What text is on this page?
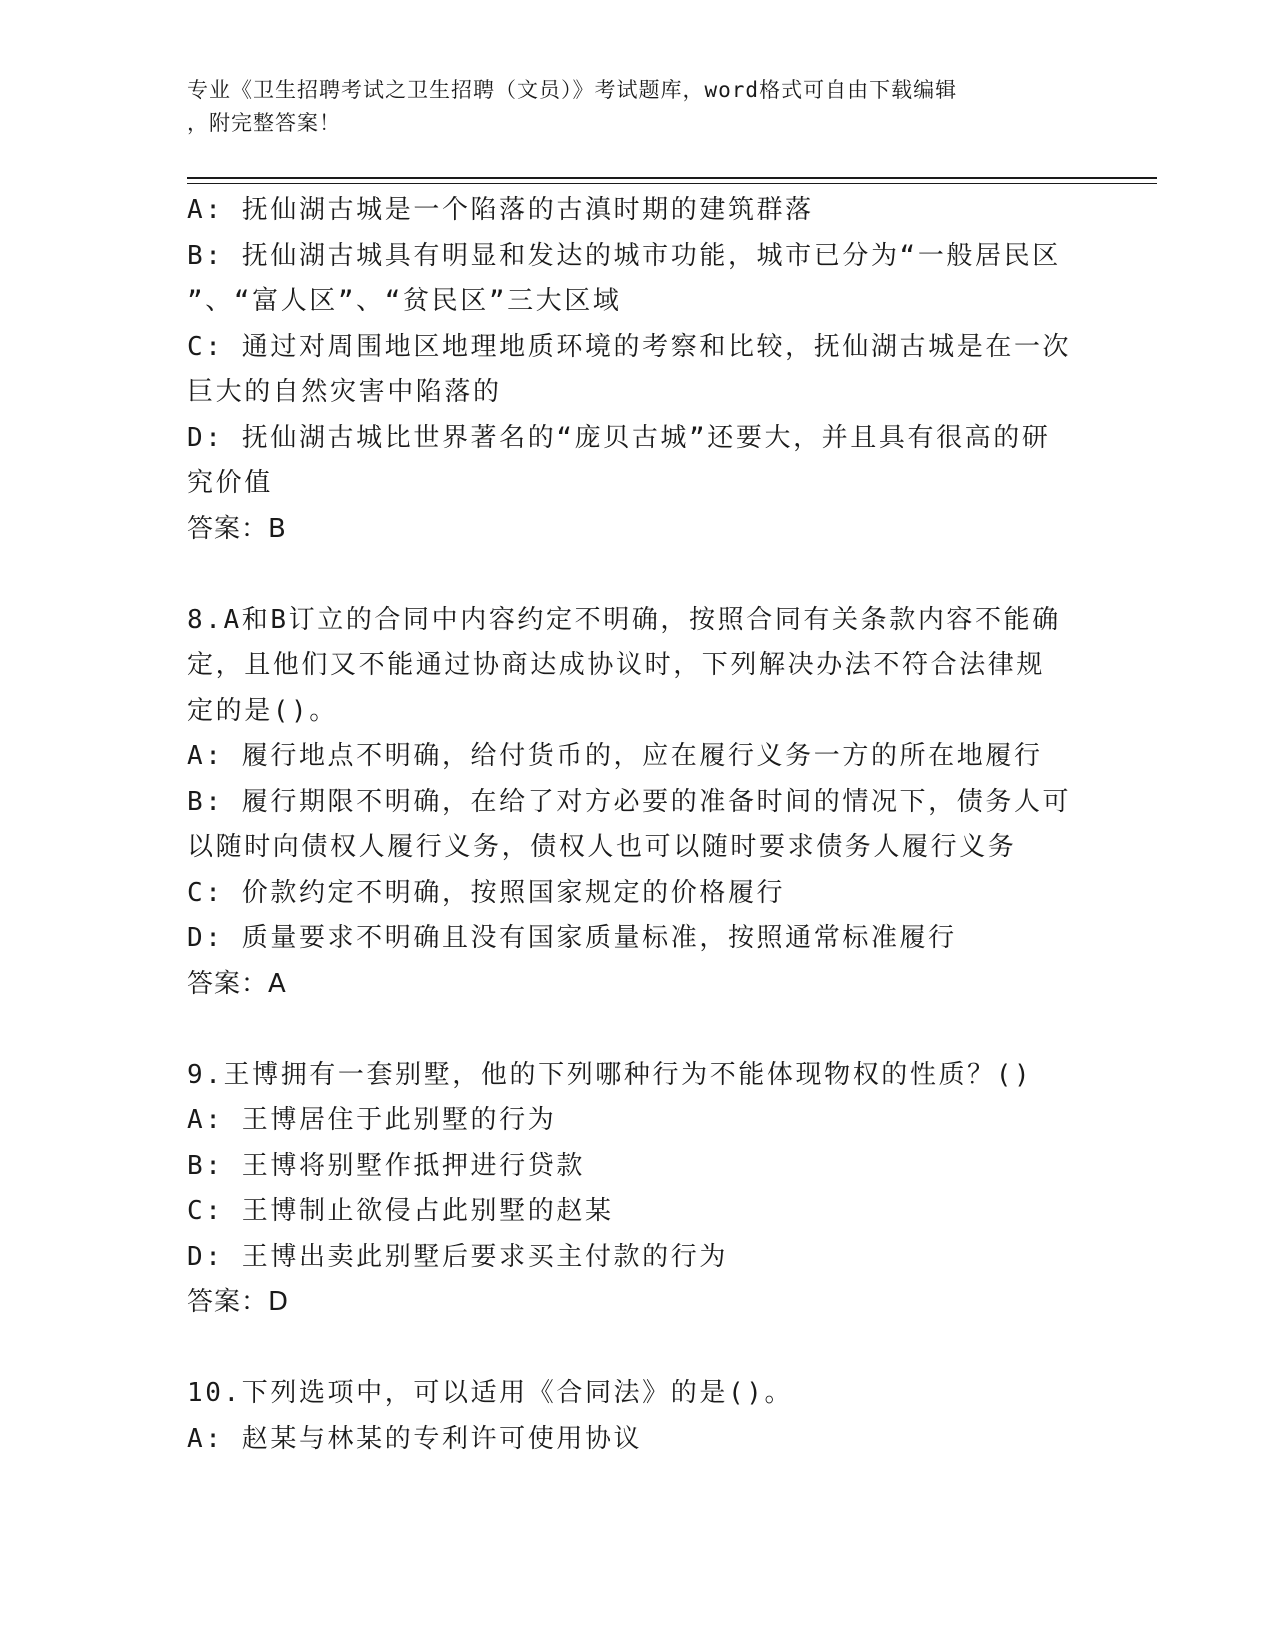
专业《卫生招聘考试之卫生招聘（文员）》考试题库，word格式可自由下载编辑
，附完整答案！
A: 抚仙湖古城是一个陷落的古滇时期的建筑群落
B: 抚仙湖古城具有明显和发达的城市功能，城市已分为“一般居民区
”、“富人区”、“贫民区”三大区域
C: 通过对周围地区地理地质环境的考察和比较，抚仙湖古城是在一次
巨大的自然灾害中陷落的
D: 抚仙湖古城比世界著名的“庞贝古城”还要大，并且具有很高的研
究价值
答案：B
8.A和B订立的合同中内容约定不明确，按照合同有关条款内容不能确
定，且他们又不能通过协商达成协议时，下列解决办法不符合法律规
定的是()。
A: 履行地点不明确，给付货币的，应在履行义务一方的所在地履行
B: 履行期限不明确，在给了对方必要的准备时间的情况下，债务人可
以随时向债权人履行义务，债权人也可以随时要求债务人履行义务
C: 价款约定不明确，按照国家规定的价格履行
D: 质量要求不明确且没有国家质量标准，按照通常标准履行
答案：A
9.王博拥有一套别墅，他的下列哪种行为不能体现物权的性质？()
A: 王博居住于此别墅的行为
B: 王博将别墅作抵押进行贷款
C: 王博制止欲侵占此别墅的赵某
D: 王博出卖此别墅后要求买主付款的行为
答案：D
10.下列选项中，可以适用《合同法》的是()。
A: 赵某与林某的专利许可使用协议
